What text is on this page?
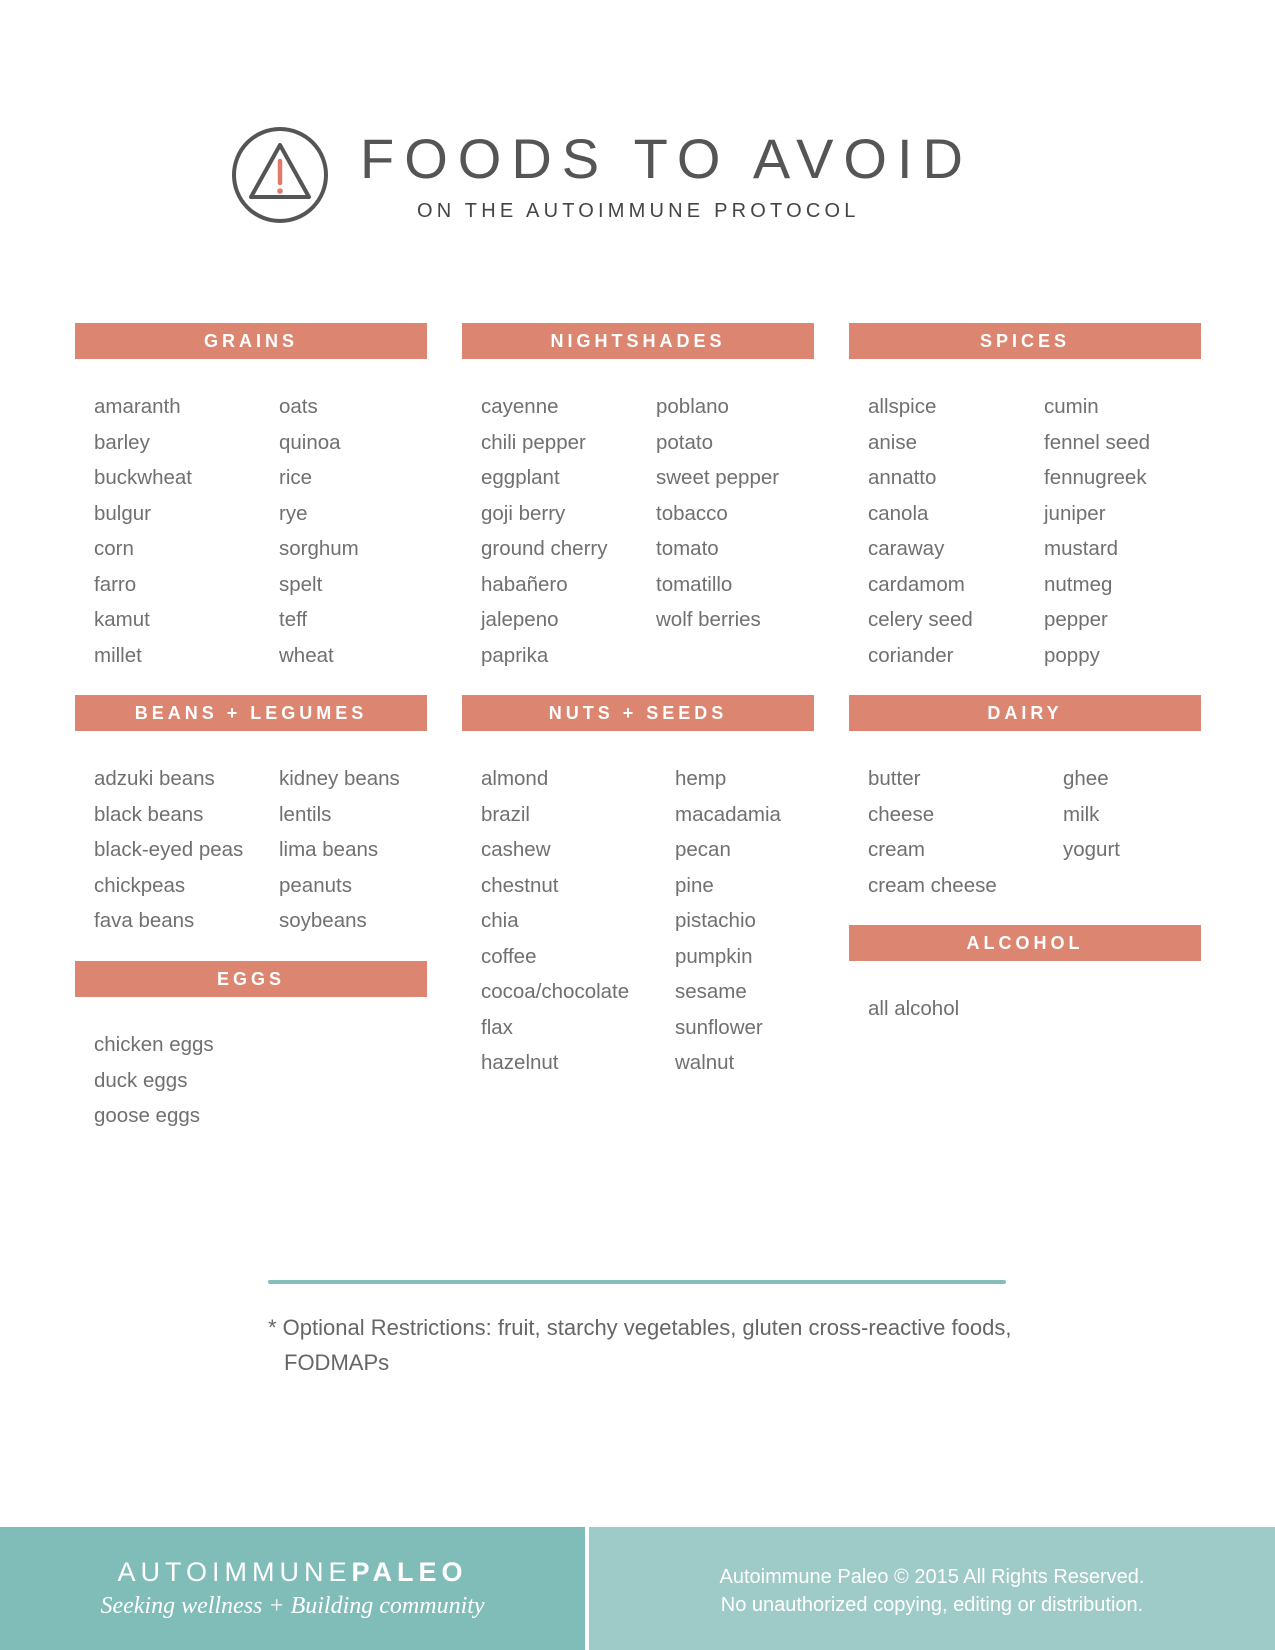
FOODS TO AVOID
ON THE AUTOIMMUNE PROTOCOL
GRAINS
amaranth
barley
buckwheat
bulgur
corn
farro
kamut
millet
oats
quinoa
rice
rye
sorghum
spelt
teff
wheat
NIGHTSHADES
cayenne
chili pepper
eggplant
goji berry
ground cherry
habañero
jalepeno
paprika
poblano
potato
sweet pepper
tobacco
tomato
tomatillo
wolf berries
SPICES
allspice
anise
annatto
canola
caraway
cardamom
celery seed
coriander
cumin
fennel seed
fennugreek
juniper
mustard
nutmeg
pepper
poppy
BEANS + LEGUMES
adzuki beans
black beans
black-eyed peas
chickpeas
fava beans
kidney beans
lentils
lima beans
peanuts
soybeans
NUTS + SEEDS
almond
brazil
cashew
chestnut
chia
coffee
cocoa/chocolate
flax
hazelnut
hemp
macadamia
pecan
pine
pistachio
pumpkin
sesame
sunflower
walnut
DAIRY
butter
cheese
cream
cream cheese
ghee
milk
yogurt
EGGS
chicken eggs
duck eggs
goose eggs
ALCOHOL
all alcohol
* Optional Restrictions: fruit, starchy vegetables, gluten cross-reactive foods, FODMAPs
AUTOIMMUNEPALEO
Seeking wellness + Building community
Autoimmune Paleo © 2015 All Rights Reserved.
No unauthorized copying, editing or distribution.
